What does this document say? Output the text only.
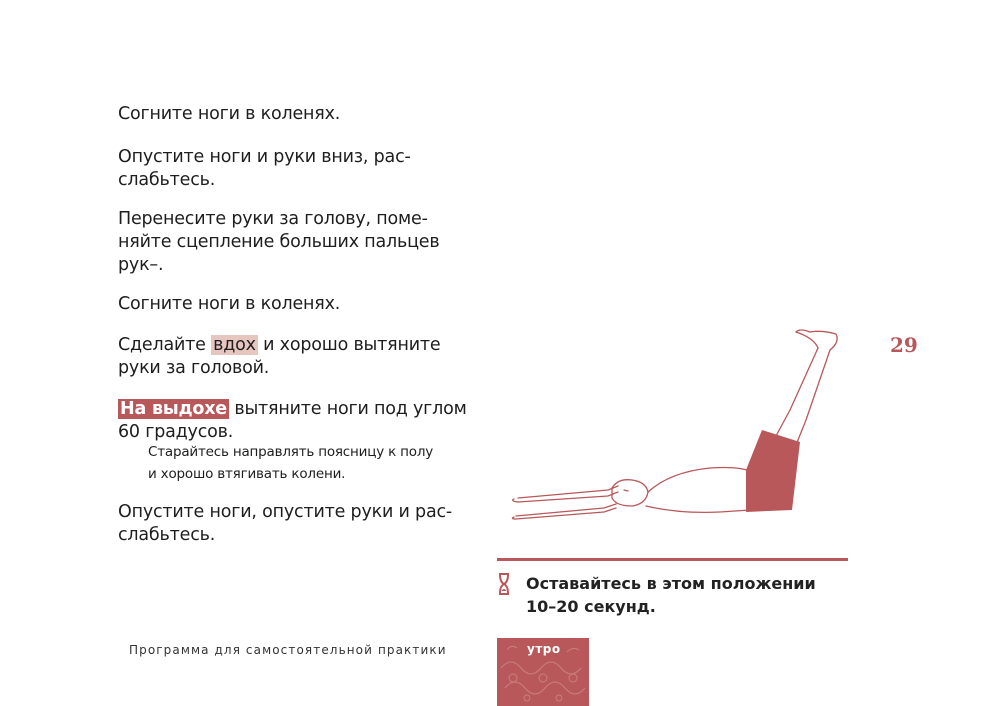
Согните ноги в коленях.

Опустите ноги и руки вниз, рас-
слабьтесь.

Перенесите руки за голову, поме-
няйте сцепление больших пальцев
рук–.

Согните ноги в коленях.

Сделайте вдох и хорошо вытяните
руки за головой.

На выдохе вытяните ноги под углом
60 градусов.

Старайтесь направлять поясницу к полу
и хорошо втягивать колени.

Опустите ноги, опустите руки и рас-
слабьтесь.

29
Оставайтесь в этом положении
10–20 секунд.
Программа для самостоятельной практики	утро
